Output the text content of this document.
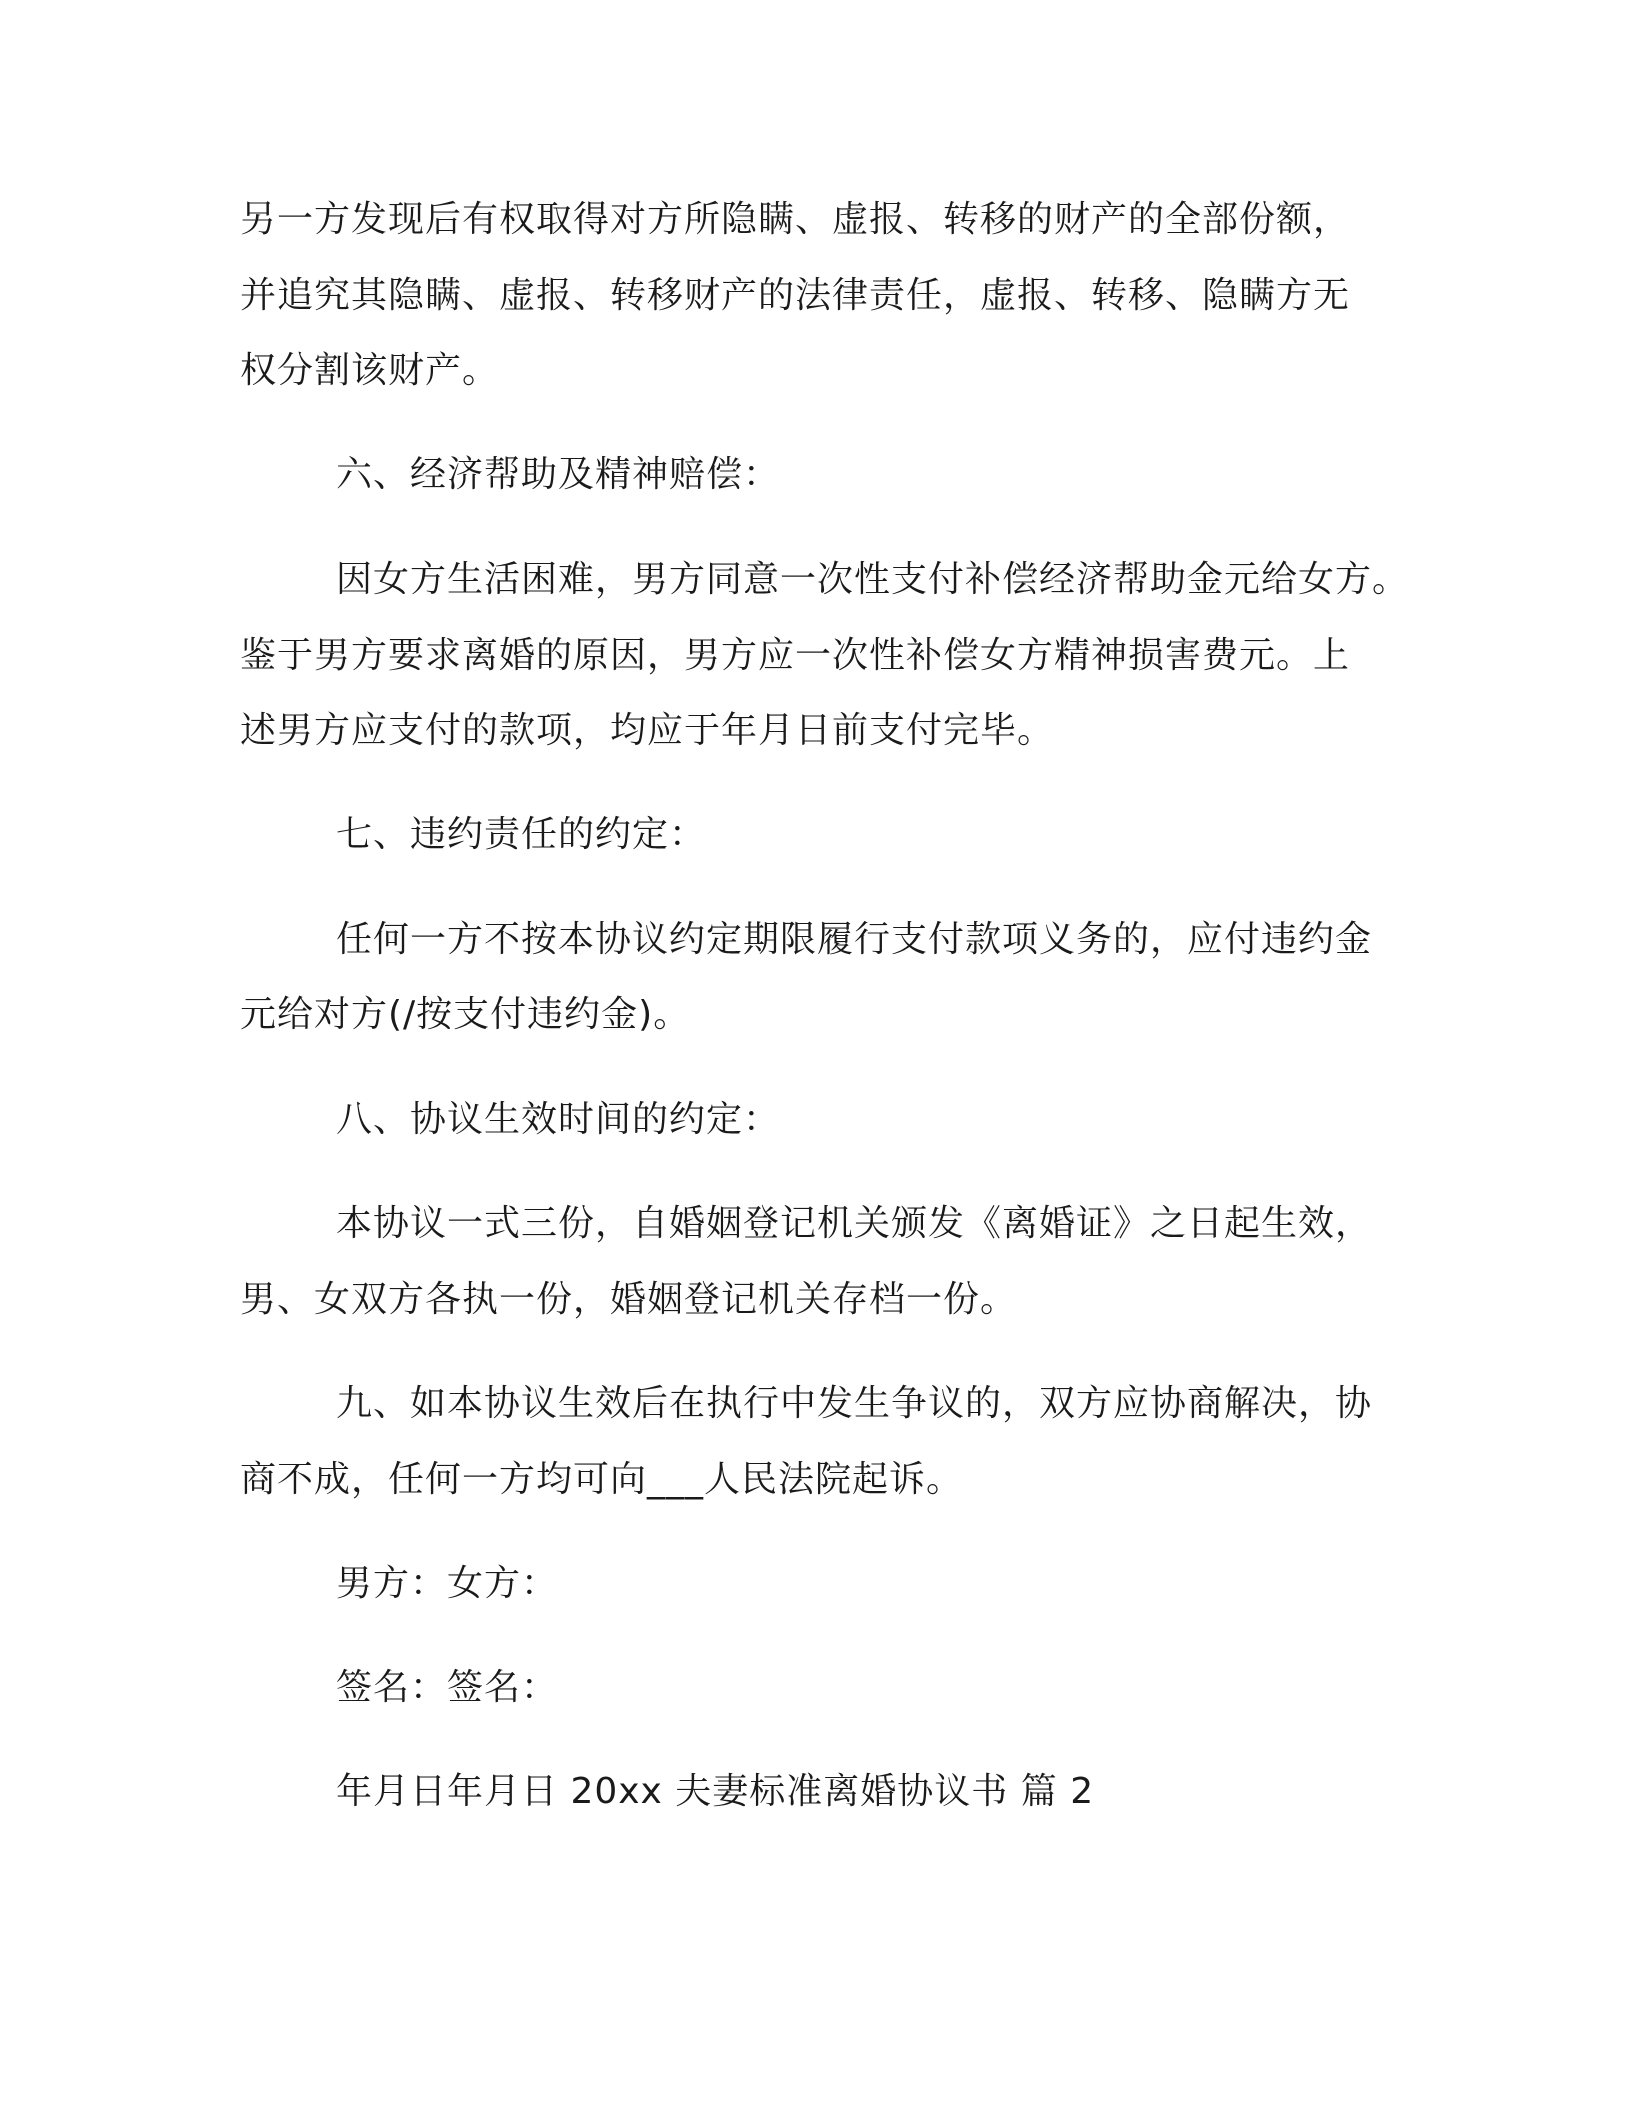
另一方发现后有权取得对方所隐瞒、虚报、转移的财产的全部份额，
并追究其隐瞒、虚报、转移财产的法律责任，虚报、转移、隐瞒方无
权分割该财产。
六、经济帮助及精神赔偿：
因女方生活困难，男方同意一次性支付补偿经济帮助金元给女方。
鉴于男方要求离婚的原因，男方应一次性补偿女方精神损害费元。上
述男方应支付的款项，均应于年月日前支付完毕。
七、违约责任的约定：
任何一方不按本协议约定期限履行支付款项义务的，应付违约金
元给对方(/按支付违约金)。
八、协议生效时间的约定：
本协议一式三份，自婚姻登记机关颁发《离婚证》之日起生效，
男、女双方各执一份，婚姻登记机关存档一份。
九、如本协议生效后在执行中发生争议的，双方应协商解决，协
商不成，任何一方均可向___人民法院起诉。
男方：女方：
签名：签名：
年月日年月日 20xx 夫妻标准离婚协议书 篇 2
